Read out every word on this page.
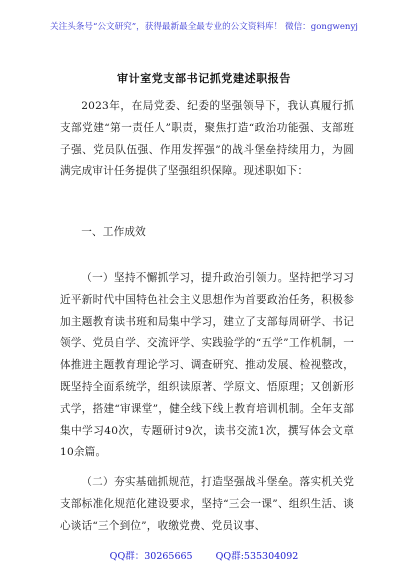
关注头条号“公文研究”，获得最新最全最专业的公文资料库！ 微信：gongwenyj
审计室党支部书记抓党建述职报告

2023年，在局党委、纪委的坚强领导下，我认真履行抓支部党建“第一责任人”职责，聚焦打造“政治功能强、支部班子强、党员队伍强、作用发挥强”的战斗堡垒持续用力，为圆满完成审计任务提供了坚强组织保障。现述职如下：

一、工作成效

（一）坚持不懈抓学习，提升政治引领力。坚持把学习习近平新时代中国特色社会主义思想作为首要政治任务，积极参加主题教育读书班和局集中学习，建立了支部每周研学、书记领学、党员自学、交流评学、实践验学的“五学”工作机制，一体推进主题教育理论学习、调查研究、推动发展、检视整改，既坚持全面系统学，组织读原著、学原文、悟原理；又创新形式学，搭建“审课堂”，健全线下线上教育培训机制。全年支部集中学习40次，专题研讨9次，读书交流1次，撰写体会文章10余篇。

（二）夯实基础抓规范，打造坚强战斗堡垒。落实机关党支部标准化规范化建设要求，坚持“三会一课”、组织生活、谈心谈话“三个到位”，收缴党费、党员议事、

QQ群：30265665 QQ群:535304092
